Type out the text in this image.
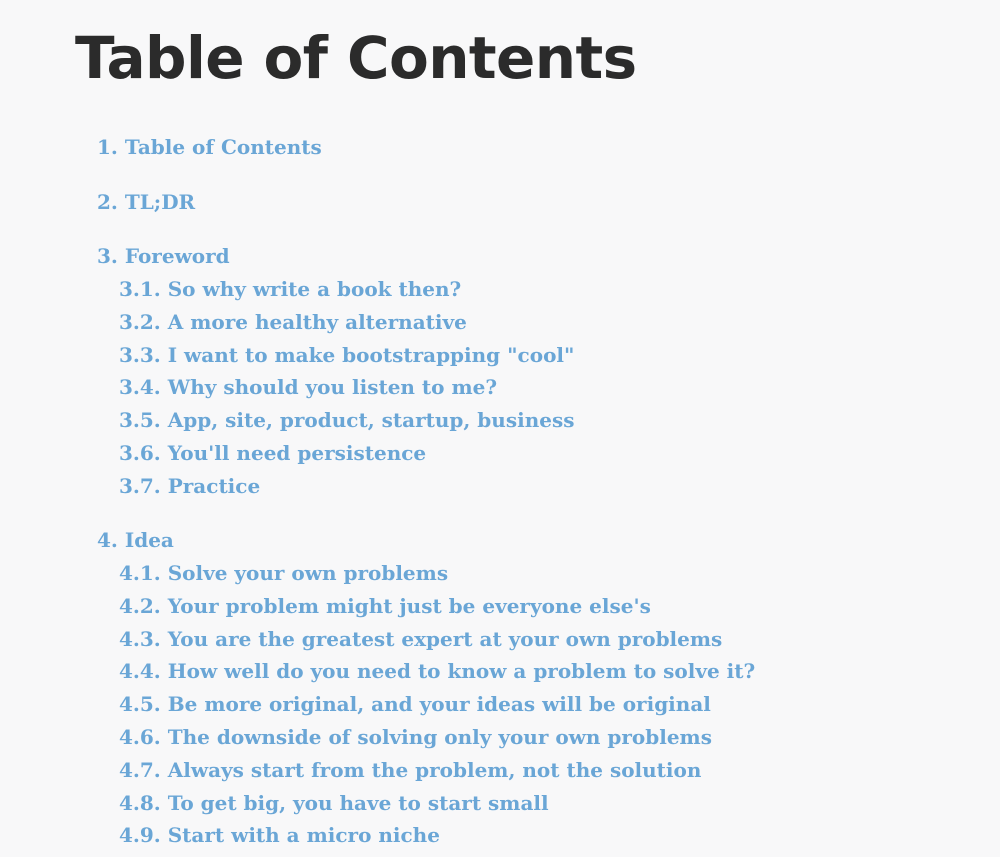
Table of Contents
1. Table of Contents
2. TL;DR
3. Foreword
3.1. So why write a book then?
3.2. A more healthy alternative
3.3. I want to make bootstrapping "cool"
3.4. Why should you listen to me?
3.5. App, site, product, startup, business
3.6. You'll need persistence
3.7. Practice
4. Idea
4.1. Solve your own problems
4.2. Your problem might just be everyone else's
4.3. You are the greatest expert at your own problems
4.4. How well do you need to know a problem to solve it?
4.5. Be more original, and your ideas will be original
4.6. The downside of solving only your own problems
4.7. Always start from the problem, not the solution
4.8. To get big, you have to start small
4.9. Start with a micro niche
